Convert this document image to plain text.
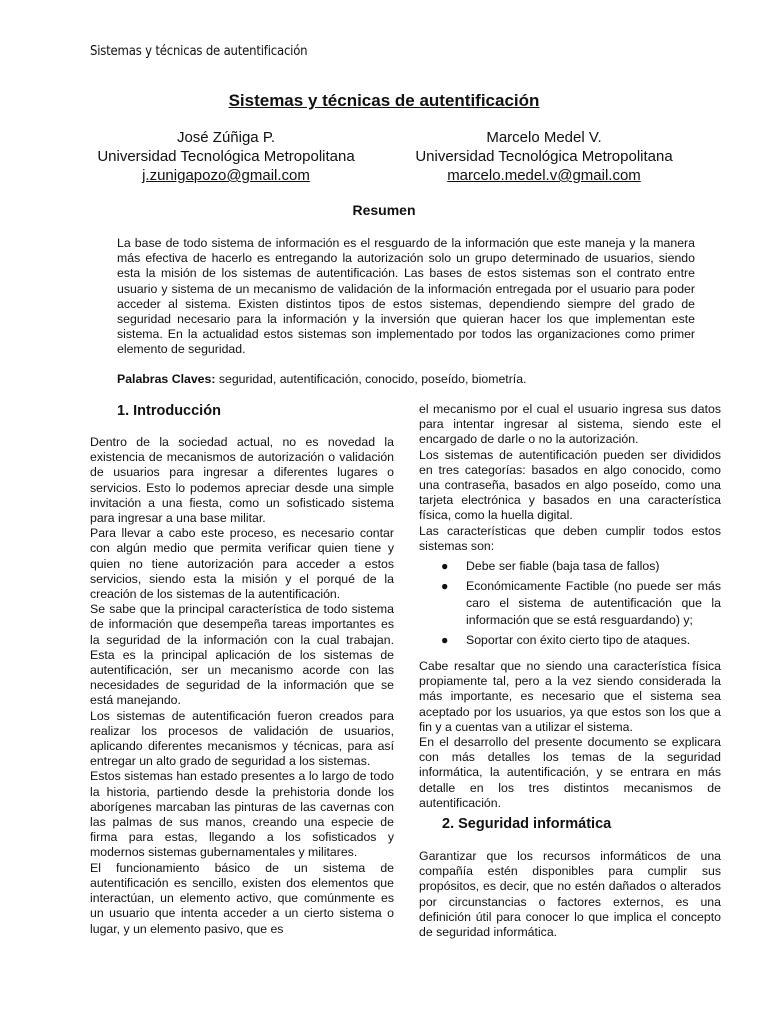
Sistemas y técnicas de autentificación
Sistemas y técnicas de autentificación
José Zúñiga P.
Universidad Tecnológica Metropolitana
j.zunigapozo@gmail.com
Marcelo Medel V.
Universidad Tecnológica Metropolitana
marcelo.medel.v@gmail.com
Resumen
La base de todo sistema de información es el resguardo de la información que este maneja y la manera más efectiva de hacerlo es entregando la autorización solo un grupo determinado de usuarios, siendo esta la misión de los sistemas de autentificación. Las bases de estos sistemas son el contrato entre usuario y sistema de un mecanismo de validación de la información entregada por el usuario para poder acceder al sistema. Existen distintos tipos de estos sistemas, dependiendo siempre del grado de seguridad necesario para la información y la inversión que quieran hacer los que implementan este sistema. En la actualidad estos sistemas son implementado por todos las organizaciones como primer elemento de seguridad.
Palabras Claves: seguridad, autentificación, conocido, poseído, biometría.
1. Introducción

Dentro de la sociedad actual, no es novedad la existencia de mecanismos de autorización o validación de usuarios para ingresar a diferentes lugares o servicios. Esto lo podemos apreciar desde una simple invitación a una fiesta, como un sofisticado sistema para ingresar a una base militar.

Para llevar a cabo este proceso, es necesario contar con algún medio que permita verificar quien tiene y quien no tiene autorización para acceder a estos servicios, siendo esta la misión y el porqué de la creación de los sistemas de la autentificación.

Se sabe que la principal característica de todo sistema de información que desempeña tareas importantes es la seguridad de la información con la cual trabajan. Esta es la principal aplicación de los sistemas de autentificación, ser un mecanismo acorde con las necesidades de seguridad de la información que se está manejando.

Los sistemas de autentificación fueron creados para realizar los procesos de validación de usuarios, aplicando diferentes mecanismos y técnicas, para así entregar un alto grado de seguridad a los sistemas.

Estos sistemas han estado presentes a lo largo de todo la historia, partiendo desde la prehistoria donde los aborígenes marcaban las pinturas de las cavernas con las palmas de sus manos, creando una especie de firma para estas, llegando a los sofisticados y modernos sistemas gubernamentales y militares.

El funcionamiento básico de un sistema de autentificación es sencillo, existen dos elementos que interactúan, un elemento activo, que comúnmente es un usuario que intenta acceder a un cierto sistema o lugar, y un elemento pasivo, que es

el mecanismo por el cual el usuario ingresa sus datos para intentar ingresar al sistema, siendo este el encargado de darle o no la autorización.

Los sistemas de autentificación pueden ser divididos en tres categorías: basados en algo conocido, como una contraseña, basados en algo poseído, como una tarjeta electrónica y basados en una característica física, como la huella digital.

Las características que deben cumplir todos estos sistemas son:

● Debe ser fiable (baja tasa de fallos)
● Económicamente Factible (no puede ser más caro el sistema de autentificación que la información que se está resguardando) y;
● Soportar con éxito cierto tipo de ataques.

Cabe resaltar que no siendo una característica física propiamente tal, pero a la vez siendo considerada la más importante, es necesario que el sistema sea aceptado por los usuarios, ya que estos son los que a fin y a cuentas van a utilizar el sistema.

En el desarrollo del presente documento se explicara con más detalles los temas de la seguridad informática, la autentificación, y se entrara en más detalle en los tres distintos mecanismos de autentificación.

2. Seguridad informática
Garantizar que los recursos informáticos de una compañía estén disponibles para cumplir sus propósitos, es decir, que no estén dañados o alterados por circunstancias o factores externos, es una definición útil para conocer lo que implica el concepto de seguridad informática.
